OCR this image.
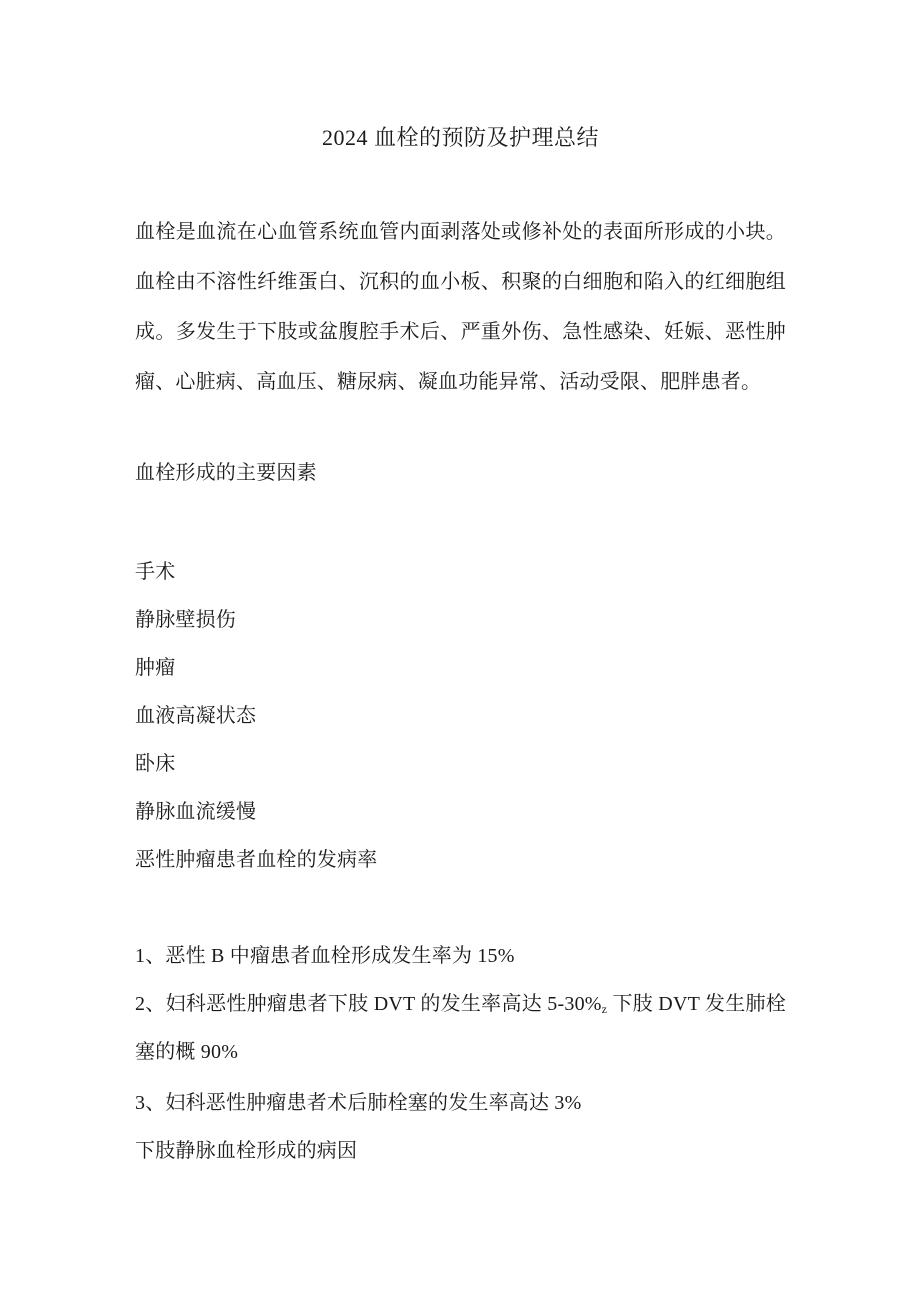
2024 血栓的预防及护理总结
血栓是血流在心血管系统血管内面剥落处或修补处的表面所形成的小块。
血栓由不溶性纤维蛋白、沉积的血小板、积聚的白细胞和陷入的红细胞组
成。多发生于下肢或盆腹腔手术后、严重外伤、急性感染、妊娠、恶性肿
瘤、心脏病、高血压、糖尿病、凝血功能异常、活动受限、肥胖患者。
血栓形成的主要因素
手术
静脉壁损伤
肿瘤
血液高凝状态
卧床
静脉血流缓慢
恶性肿瘤患者血栓的发病率
1、恶性 B 中瘤患者血栓形成发生率为 15%
2、妇科恶性肿瘤患者下肢 DVT 的发生率高达 5-30%z 下肢 DVT 发生肺栓
塞的概 90%
3、妇科恶性肿瘤患者术后肺栓塞的发生率高达 3%
下肢静脉血栓形成的病因
